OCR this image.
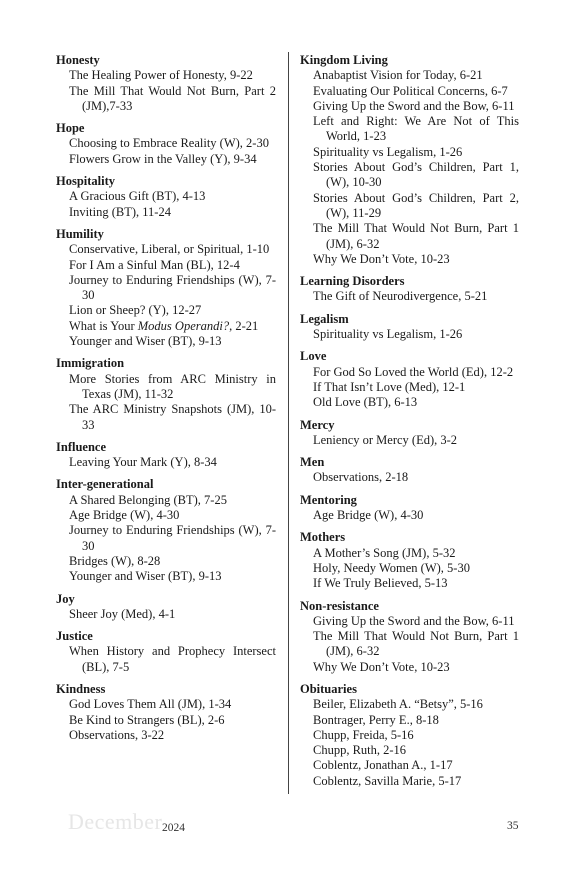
Honesty
The Healing Power of Honesty, 9-22
The Mill That Would Not Burn, Part 2 (JM),7-33
Hope
Choosing to Embrace Reality (W), 2-30
Flowers Grow in the Valley (Y), 9-34
Hospitality
A Gracious Gift (BT), 4-13
Inviting (BT), 11-24
Humility
Conservative, Liberal, or Spiritual, 1-10
For I Am a Sinful Man (BL), 12-4
Journey to Enduring Friendships (W), 7-30
Lion or Sheep? (Y), 12-27
What is Your Modus Operandi?, 2-21
Younger and Wiser (BT), 9-13
Immigration
More Stories from ARC Ministry in Texas (JM), 11-32
The ARC Ministry Snapshots (JM), 10-33
Influence
Leaving Your Mark (Y), 8-34
Inter-generational
A Shared Belonging (BT), 7-25
Age Bridge (W), 4-30
Journey to Enduring Friendships (W), 7-30
Bridges (W), 8-28
Younger and Wiser (BT), 9-13
Joy
Sheer Joy (Med), 4-1
Justice
When History and Prophecy Intersect (BL), 7-5
Kindness
God Loves Them All (JM), 1-34
Be Kind to Strangers (BL), 2-6
Observations, 3-22
Kingdom Living
Anabaptist Vision for Today, 6-21
Evaluating Our Political Concerns, 6-7
Giving Up the Sword and the Bow, 6-11
Left and Right: We Are Not of This World, 1-23
Spirituality vs Legalism, 1-26
Stories About God’s Children, Part 1, (W), 10-30
Stories About God’s Children, Part 2, (W), 11-29
The Mill That Would Not Burn, Part 1 (JM), 6-32
Why We Don’t Vote, 10-23
Learning Disorders
The Gift of Neurodivergence, 5-21
Legalism
Spirituality vs Legalism, 1-26
Love
For God So Loved the World (Ed), 12-2
If That Isn’t Love (Med), 12-1
Old Love (BT), 6-13
Mercy
Leniency or Mercy (Ed), 3-2
Men
Observations, 2-18
Mentoring
Age Bridge (W), 4-30
Mothers
A Mother’s Song (JM), 5-32
Holy, Needy Women (W), 5-30
If We Truly Believed, 5-13
Non-resistance
Giving Up the Sword and the Bow, 6-11
The Mill That Would Not Burn, Part 1 (JM), 6-32
Why We Don’t Vote, 10-23
Obituaries
Beiler, Elizabeth A. “Betsy”, 5-16
Bontrager, Perry E., 8-18
Chupp, Freida, 5-16
Chupp, Ruth, 2-16
Coblentz, Jonathan A., 1-17
Coblentz, Savilla Marie, 5-17
December 2024	35
